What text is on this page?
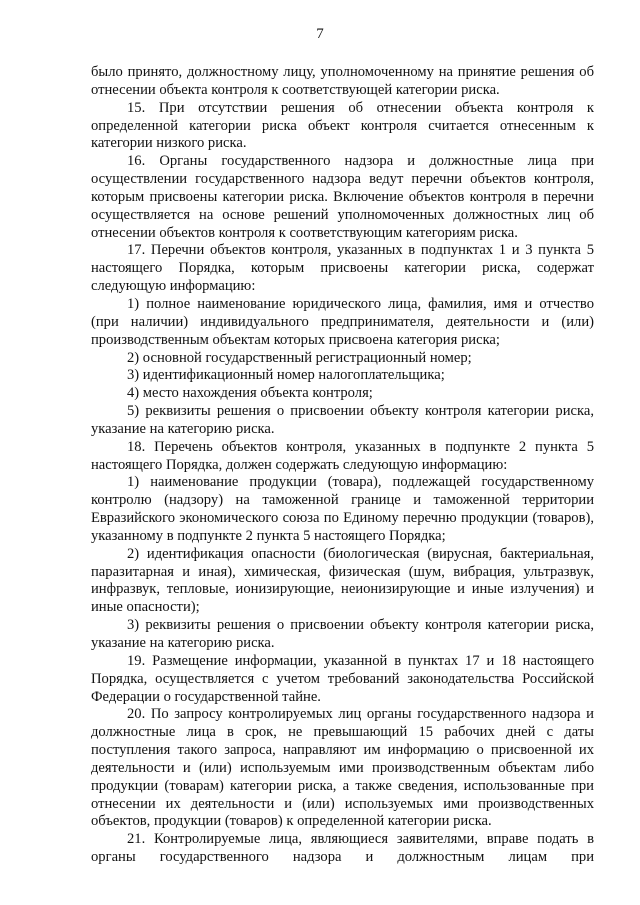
7

было принято, должностному лицу, уполномоченному на принятие решения об отнесении объекта контроля к соответствующей категории риска.

15. При отсутствии решения об отнесении объекта контроля к определенной категории риска объект контроля считается отнесенным к категории низкого риска.

16. Органы государственного надзора и должностные лица при осуществлении государственного надзора ведут перечни объектов контроля, которым присвоены категории риска. Включение объектов контроля в перечни осуществляется на основе решений уполномоченных должностных лиц об отнесении объектов контроля к соответствующим категориям риска.

17. Перечни объектов контроля, указанных в подпунктах 1 и 3 пункта 5 настоящего Порядка, которым присвоены категории риска, содержат следующую информацию:

1) полное наименование юридического лица, фамилия, имя и отчество (при наличии) индивидуального предпринимателя, деятельности и (или) производственным объектам которых присвоена категория риска;

2) основной государственный регистрационный номер;

3) идентификационный номер налогоплательщика;

4) место нахождения объекта контроля;

5) реквизиты решения о присвоении объекту контроля категории риска, указание на категорию риска.

18. Перечень объектов контроля, указанных в подпункте 2 пункта 5 настоящего Порядка, должен содержать следующую информацию:

1) наименование продукции (товара), подлежащей государственному контролю (надзору) на таможенной границе и таможенной территории Евразийского экономического союза по Единому перечню продукции (товаров), указанному в подпункте 2 пункта 5 настоящего Порядка;

2) идентификация опасности (биологическая (вирусная, бактериальная, паразитарная и иная), химическая, физическая (шум, вибрация, ультразвук, инфразвук, тепловые, ионизирующие, неионизирующие и иные излучения) и иные опасности);

3) реквизиты решения о присвоении объекту контроля категории риска, указание на категорию риска.

19. Размещение информации, указанной в пунктах 17 и 18 настоящего Порядка, осуществляется с учетом требований законодательства Российской Федерации о государственной тайне.

20. По запросу контролируемых лиц органы государственного надзора и должностные лица в срок, не превышающий 15 рабочих дней с даты поступления такого запроса, направляют им информацию о присвоенной их деятельности и (или) используемым ими производственным объектам либо продукции (товарам) категории риска, а также сведения, использованные при отнесении их деятельности и (или) используемых ими производственных объектов, продукции (товаров) к определенной категории риска.

21. Контролируемые лица, являющиеся заявителями, вправе подать в органы государственного надзора и должностным лицам при
